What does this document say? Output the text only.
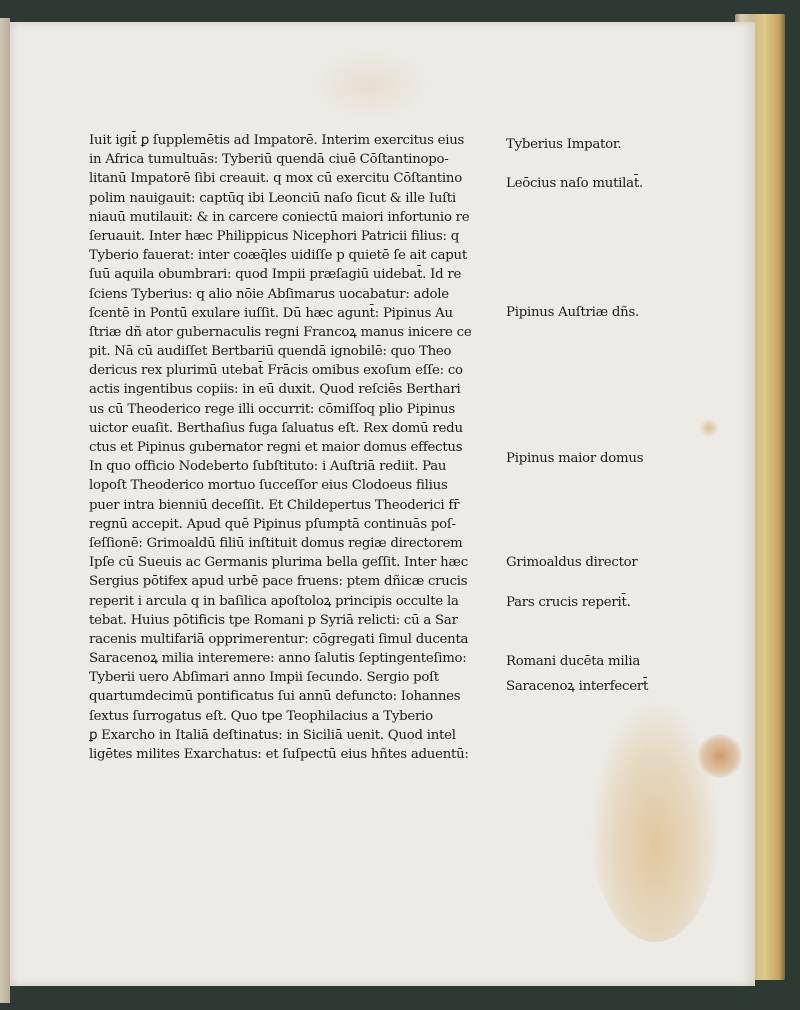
Iuit igit̄ ꝑ ſupplemētis ad Impatorē. Interim exercitus eius
in Africa tumultuās: Tyberiū quendā ciuē Cōſtantinopo-
litanū Impatorē ſibi creauit. q mox cū exercitu Cōſtantino
polim nauigauit: captūq ibi Leonciū naſo ſicut & ille Iuſti
niauū mutilauit: & in carcere coniectū maiori infortunio re
ſeruauit. Inter hæc Philippicus Nicephori Patricii filius: q
Tyberio fauerat: inter coæq̄les uidiſſe p quietē ſe ait caput
ſuū aquila obumbrari: quod Impii præſagiū uidebat̄. Id re
ſciens Tyberius: q alio nōie Abſimarus uocabatur: adole
ſcentē in Pontū exulare iuſſit. Dū hæc agunt̄: Pipinus Au
ſtriæ dñ ator gubernaculis regni Francoꝝ manus inicere ce
pit. Nā cū audiſſet Bertbariū quendā ignobilē: quo Theo
dericus rex plurimū utebat̄ Frācis omibus exoſum eſſe: co
actis ingentibus copiis: in eū duxit. Quod reſciēs Berthari
us cū Theoderico rege illi occurrit: cōmiſſoq plio Pipinus
uictor euaſit. Berthaſius fuga ſaluatus eſt. Rex domū redu
ctus et Pipinus gubernator regni et maior domus effectus
In quo officio Nodeberto ſubſtituto: i Auſtriā rediit. Pau
lopoſt Theoderico mortuo ſucceſſor eius Clodoeus filius
puer intra bienniū deceſſit. Et Childepertus Theoderici fr̄
regnū accepit. Apud quē Pipinus pſumptā continuās poſ-
ſeſſionē: Grimoaldū filiū inſtituit domus regiæ directorem
Ipſe cū Sueuis ac Germanis plurima bella geſſit. Inter hæc
Sergius pōtifex apud urbē pace fruens: ptem dñicæ crucis
reperit i arcula q in baſilica apoſtoloꝝ principis occulte la
tebat. Huius pōtificis tpe Romani p Syriā relicti: cū a Sar
racenis multifariā opprimerentur: cōgregati ſimul ducenta
Saracenoꝝ milia interemere: anno ſalutis ſeptingenteſimo:
Tyberii uero Abſimari anno Impii ſecundo. Sergio poſt
quartumdecimū pontificatus ſui annū defuncto: Iohannes
ſextus ſurrogatus eſt. Quo tpe Teophilacius a Tyberio
ꝑ Exarcho in Italiā deſtinatus: in Siciliā uenit. Quod intel
ligētes milites Exarchatus: et ſuſpectū eius hñtes aduentū:
Tyberius Impator.
Leōcius naſo mutilat̄.
Pipinus Auſtriæ dñs.
Pipinus maior domus
Grimoaldus director
Pars crucis reperit̄.
Romani ducēta milia
Saracenoꝝ interfecert̄
